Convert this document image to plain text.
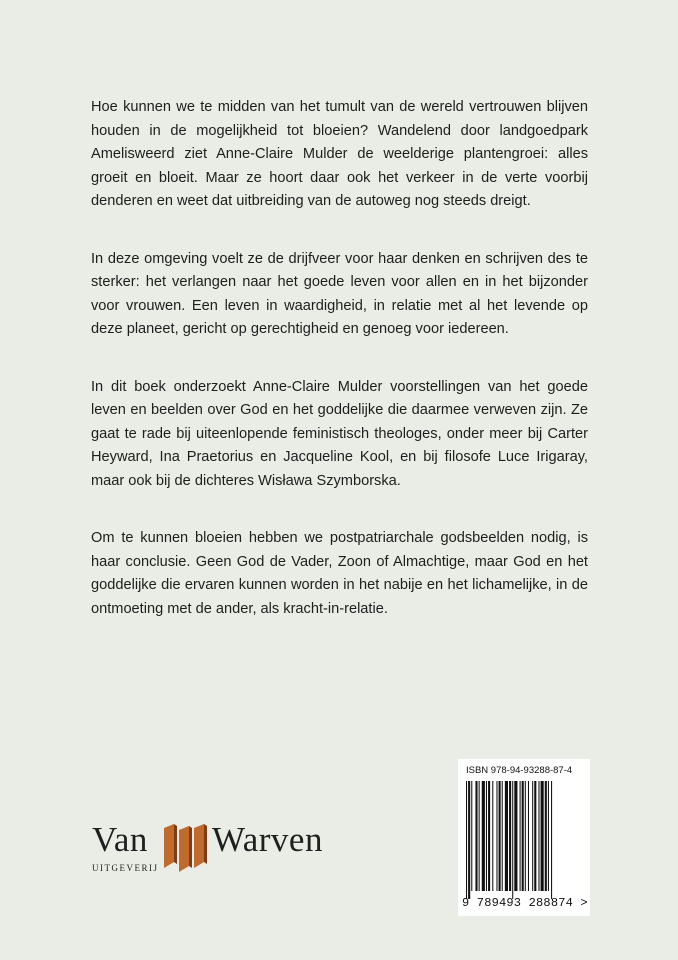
Hoe kunnen we te midden van het tumult van de wereld vertrouwen blijven houden in de mogelijkheid tot bloeien? Wandelend door landgoedpark Amelisweerd ziet Anne-Claire Mulder de weelderige plantengroei: alles groeit en bloeit. Maar ze hoort daar ook het verkeer in de verte voorbij denderen en weet dat uitbreiding van de autoweg nog steeds dreigt.

In deze omgeving voelt ze de drijfveer voor haar denken en schrijven des te sterker: het verlangen naar het goede leven voor allen en in het bijzonder voor vrouwen. Een leven in waardigheid, in relatie met al het levende op deze planeet, gericht op gerechtigheid en genoeg voor iedereen.

In dit boek onderzoekt Anne-Claire Mulder voorstellingen van het goede leven en beelden over God en het goddelijke die daarmee verweven zijn. Ze gaat te rade bij uiteenlopende feministisch theologes, onder meer bij Carter Heyward, Ina Praetorius en Jacqueline Kool, en bij filosofe Luce Irigaray, maar ook bij de dichteres Wisława Szymborska.

Om te kunnen bloeien hebben we postpatriarchale godsbeelden nodig, is haar conclusie. Geen God de Vader, Zoon of Almachtige, maar God en het goddelijke die ervaren kunnen worden in het nabije en het lichamelijke, in de ontmoeting met de ander, als kracht-in-relatie.

Van
UITGEVERIJ
Warven
ISBN 978-94-93288-87-4
9 789493 288874 >
